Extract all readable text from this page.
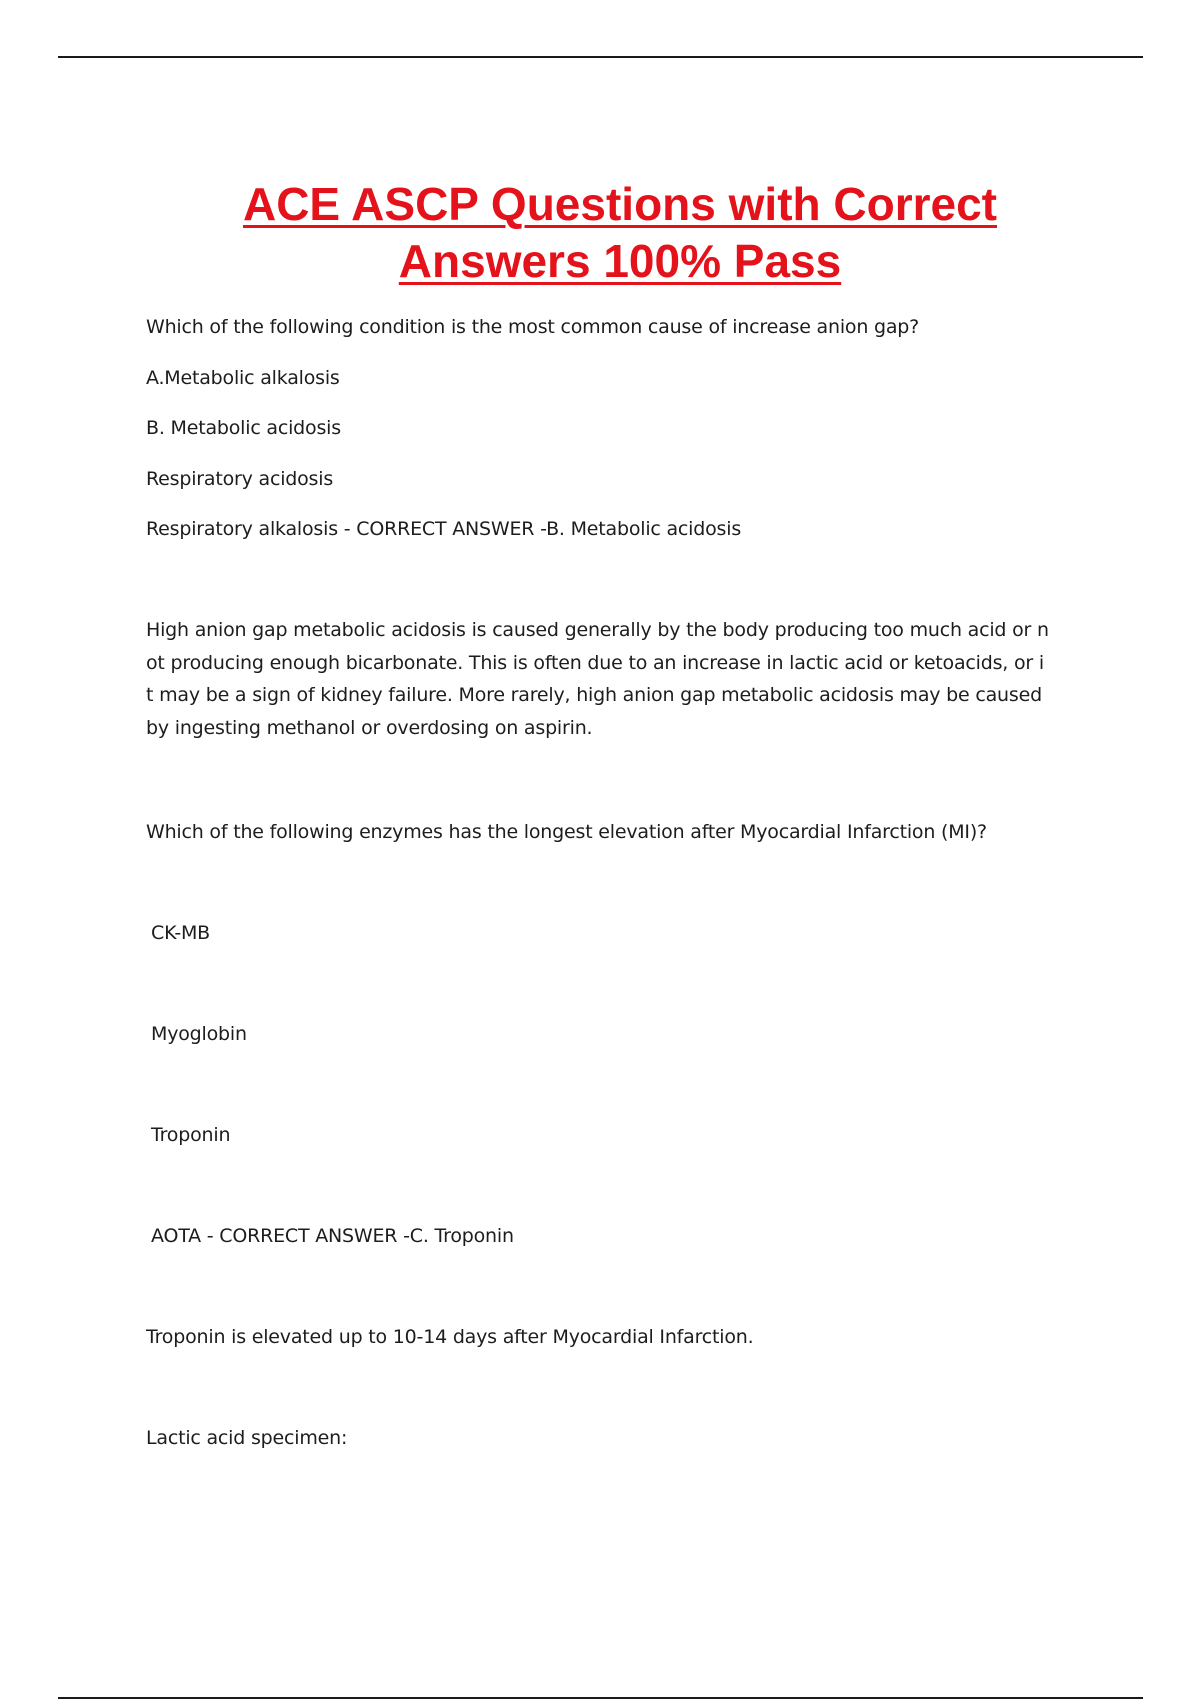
ACE ASCP Questions with Correct
Answers 100% Pass

Which of the following condition is the most common cause of increase anion gap?

A.Metabolic alkalosis

B. Metabolic acidosis

Respiratory acidosis

Respiratory alkalosis - CORRECT ANSWER -B. Metabolic acidosis

High anion gap metabolic acidosis is caused generally by the body producing too much acid or n
ot producing enough bicarbonate. This is often due to an increase in lactic acid or ketoacids, or i
t may be a sign of kidney failure. More rarely, high anion gap metabolic acidosis may be caused
by ingesting methanol or overdosing on aspirin.

Which of the following enzymes has the longest elevation after Myocardial Infarction (MI)?

CK-MB

Myoglobin

Troponin

AOTA - CORRECT ANSWER -C. Troponin

Troponin is elevated up to 10-14 days after Myocardial Infarction.

Lactic acid specimen:
